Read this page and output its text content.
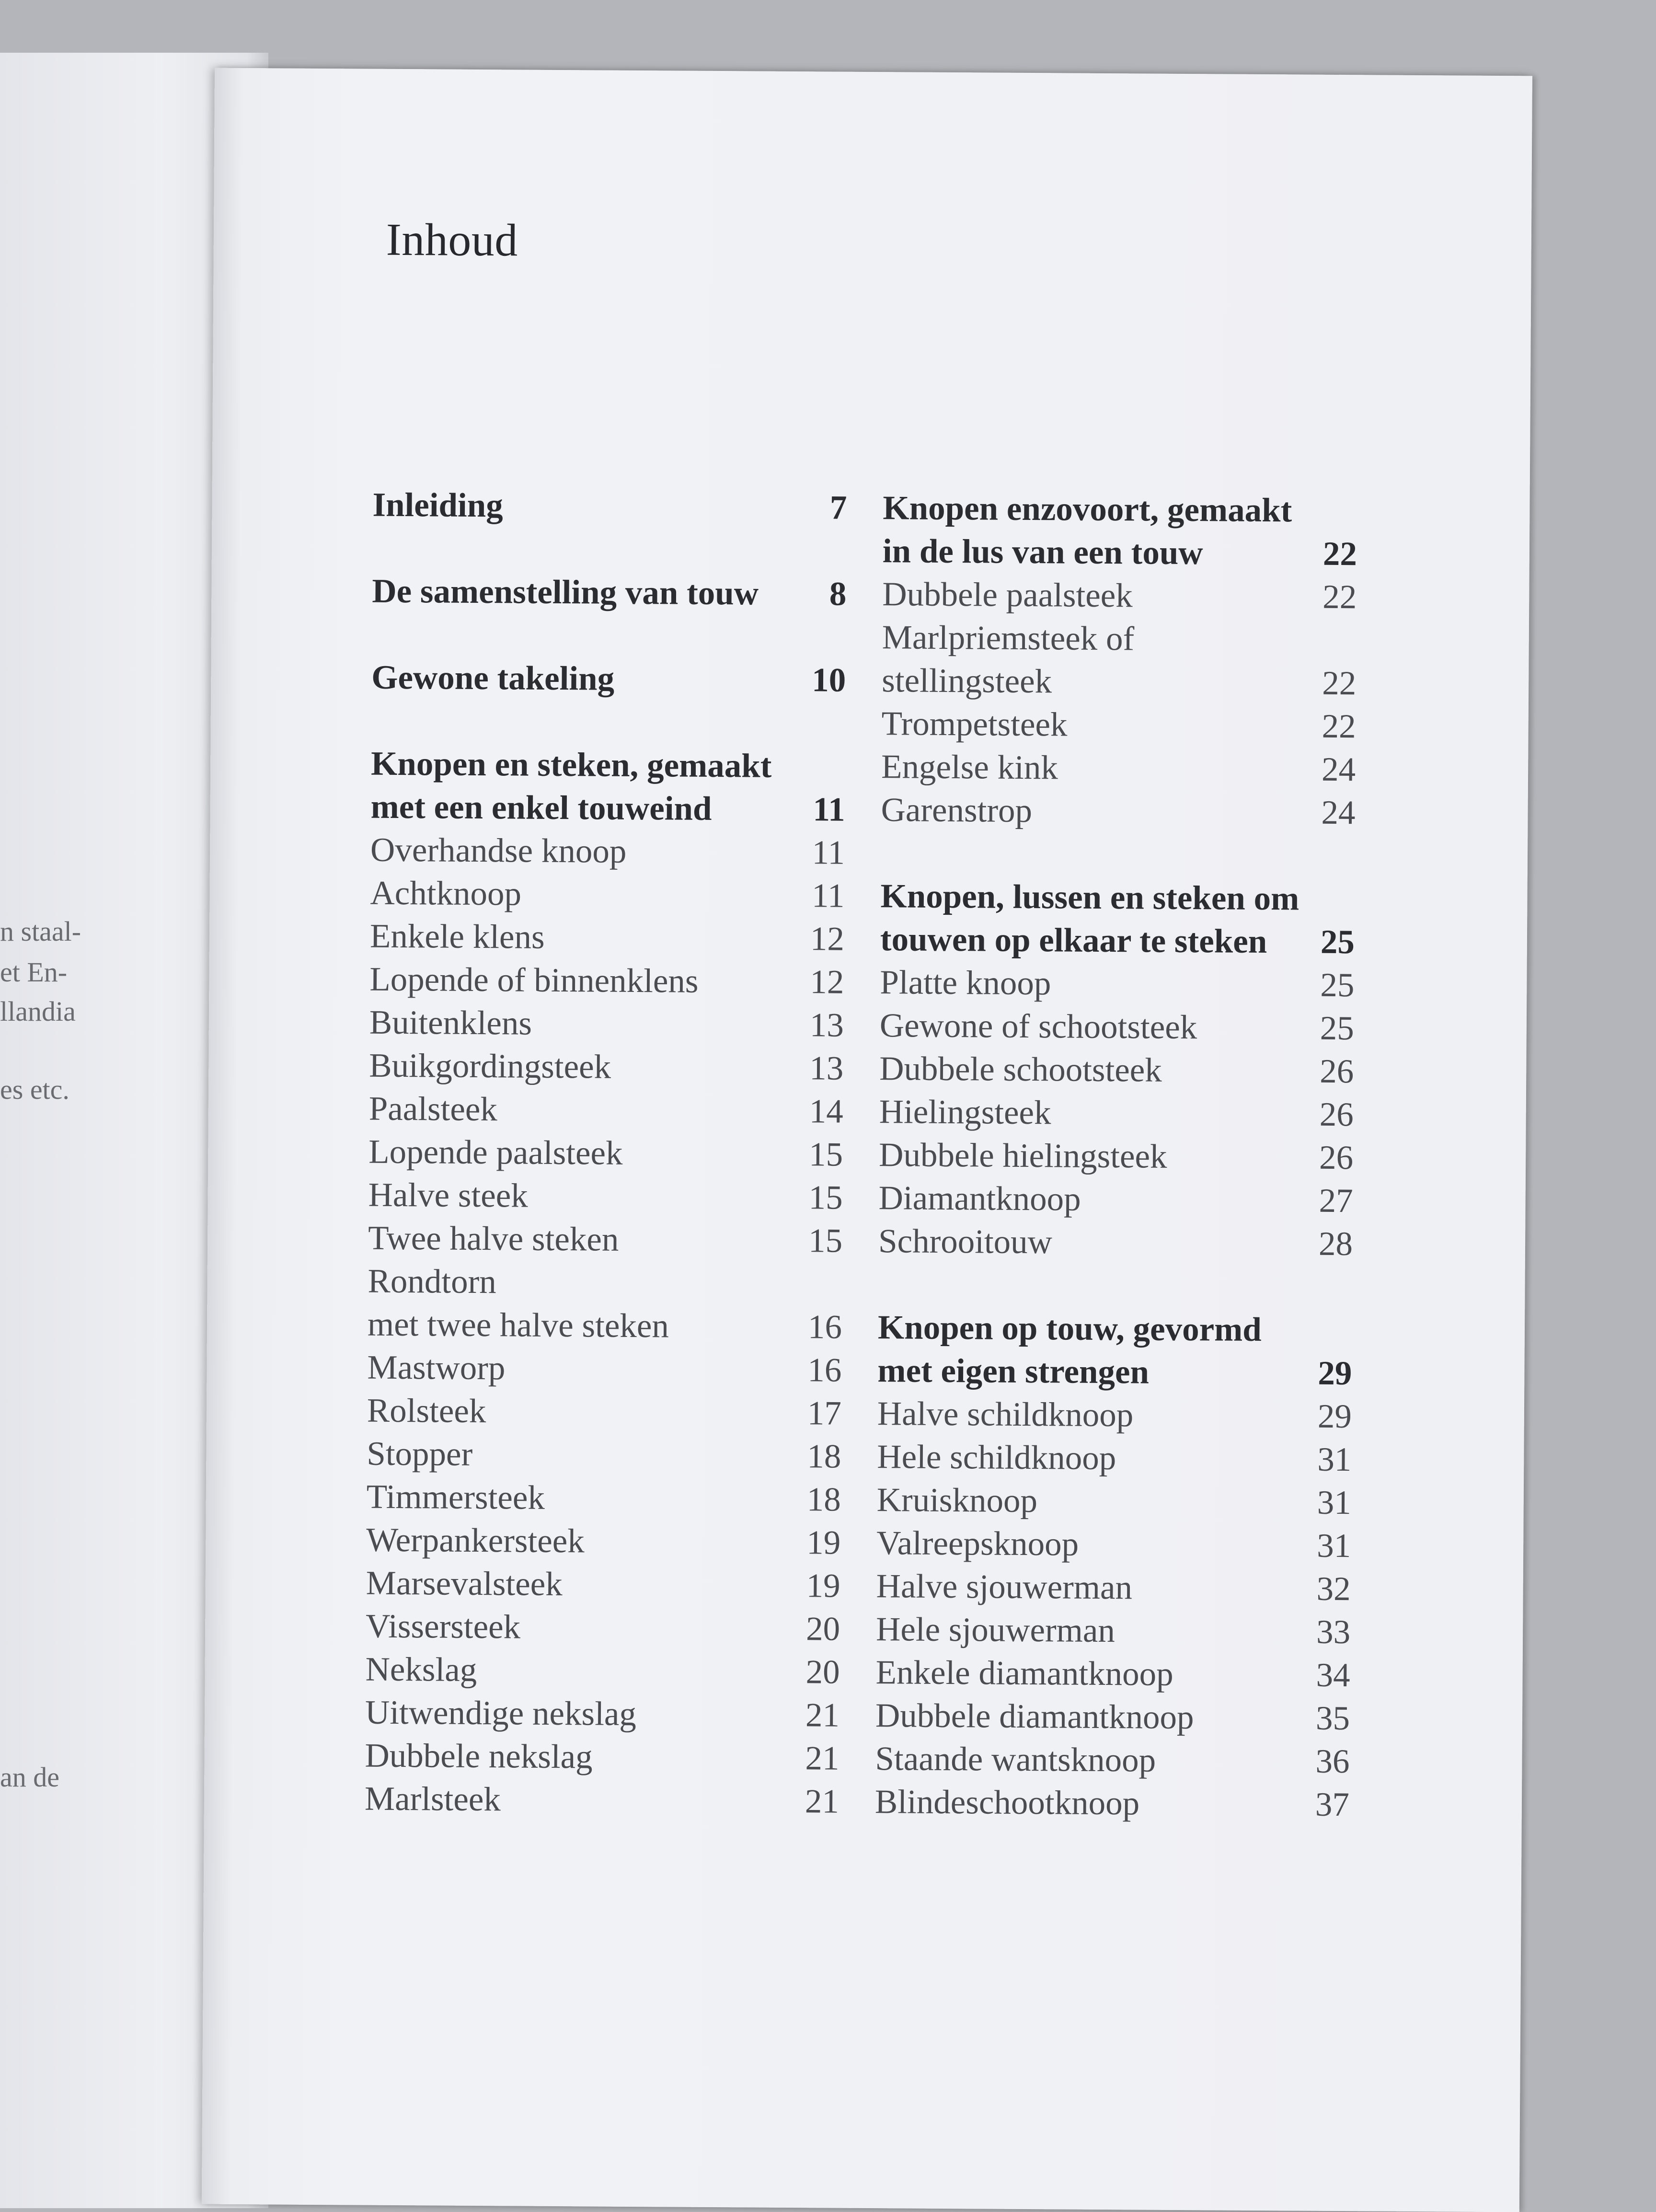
n staal-
et En-
llandia
es etc.
an de
Inhoud
Inleiding	7
De samenstelling van touw	8
Gewone takeling	10
Knopen en steken, gemaakt
met een enkel touweind	11
Overhandse knoop	11
Achtknoop	11
Enkele klens	12
Lopende of binnenklens	12
Buitenklens	13
Buikgordingsteek	13
Paalsteek	14
Lopende paalsteek	15
Halve steek	15
Twee halve steken	15
Rondtorn
met twee halve steken	16
Mastworp	16
Rolsteek	17
Stopper	18
Timmersteek	18
Werpankersteek	19
Marsevalsteek	19
Vissersteek	20
Nekslag	20
Uitwendige nekslag	21
Dubbele nekslag	21
Marlsteek	21
Knopen enzovoort, gemaakt
in de lus van een touw	22
Dubbele paalsteek	22
Marlpriemsteek of
stellingsteek	22
Trompetsteek	22
Engelse kink	24
Garenstrop	24
Knopen, lussen en steken om
touwen op elkaar te steken	25
Platte knoop	25
Gewone of schootsteek	25
Dubbele schootsteek	26
Hielingsteek	26
Dubbele hielingsteek	26
Diamantknoop	27
Schrooitouw	28
Knopen op touw, gevormd
met eigen strengen	29
Halve schildknoop	29
Hele schildknoop	31
Kruisknoop	31
Valreepsknoop	31
Halve sjouwerman	32
Hele sjouwerman	33
Enkele diamantknoop	34
Dubbele diamantknoop	35
Staande wantsknoop	36
Blindeschootknoop	37
